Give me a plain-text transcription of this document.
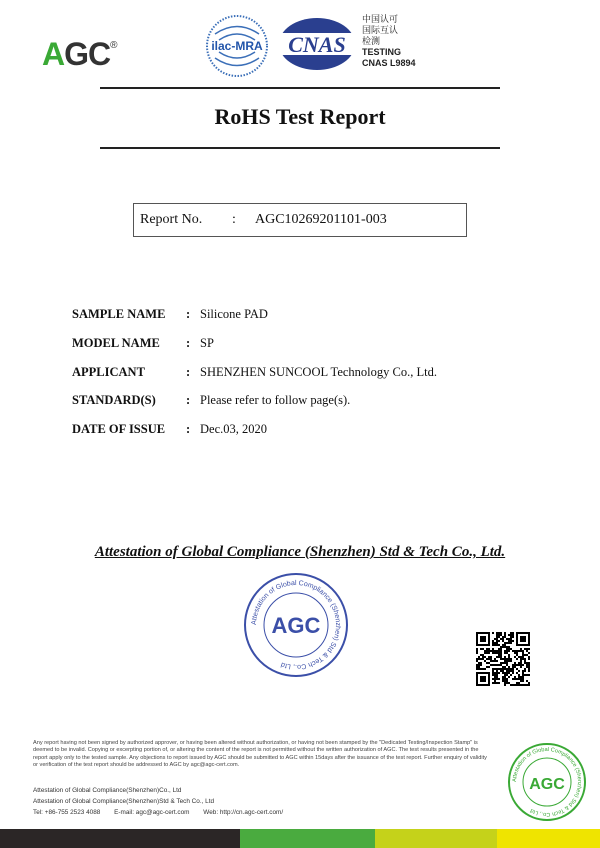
AGC®	ilac-MRA CNAS
中国认可
国际互认
检测
TESTING
CNAS L9894
RoHS Test Report
Report No. : AGC10269201101-003
SAMPLE NAME : Silicone PAD
MODEL NAME : SP
APPLICANT	: SHENZHEN SUNCOOL Technology Co., Ltd.
STANDARD(S) : Please refer to follow page(s).
DATE OF ISSUE : Dec.03, 2020
Attestation of Global Compliance (Shenzhen) Std & Tech Co., Ltd.
Attestation of Global Compliance (Shenzhen) Std & Tech Co., Ltd
AGC
Any report having not been signed by authorized approver, or having been altered without authorization, or having not been stamped by the "Dedicated Testing/Inspection Stamp" is deemed to be invalid. Copying or excerpting portion of, or altering the content of the report is not permitted without the written authorization of AGC. The test results presented in the report apply only to the tested sample. Any objections to report issued by AGC should be submitted to AGC within 15days after the issuance of the test report. Further enquiry of validity or verification of the test report should be addressed to AGC by agc@agc-cert.com.
Attestation of Global Compliance(Shenzhen)Co., Ltd
Attestation of Global Compliance(Shenzhen)Std & Tech Co., Ltd
Tel: +86-755 2523 4088 E-mail: agc@agc-cert.com Web: http://cn.agc-cert.com/
Attestation of Global Compliance (Shenzhen) Std & Tech Co., Ltd
AGC
